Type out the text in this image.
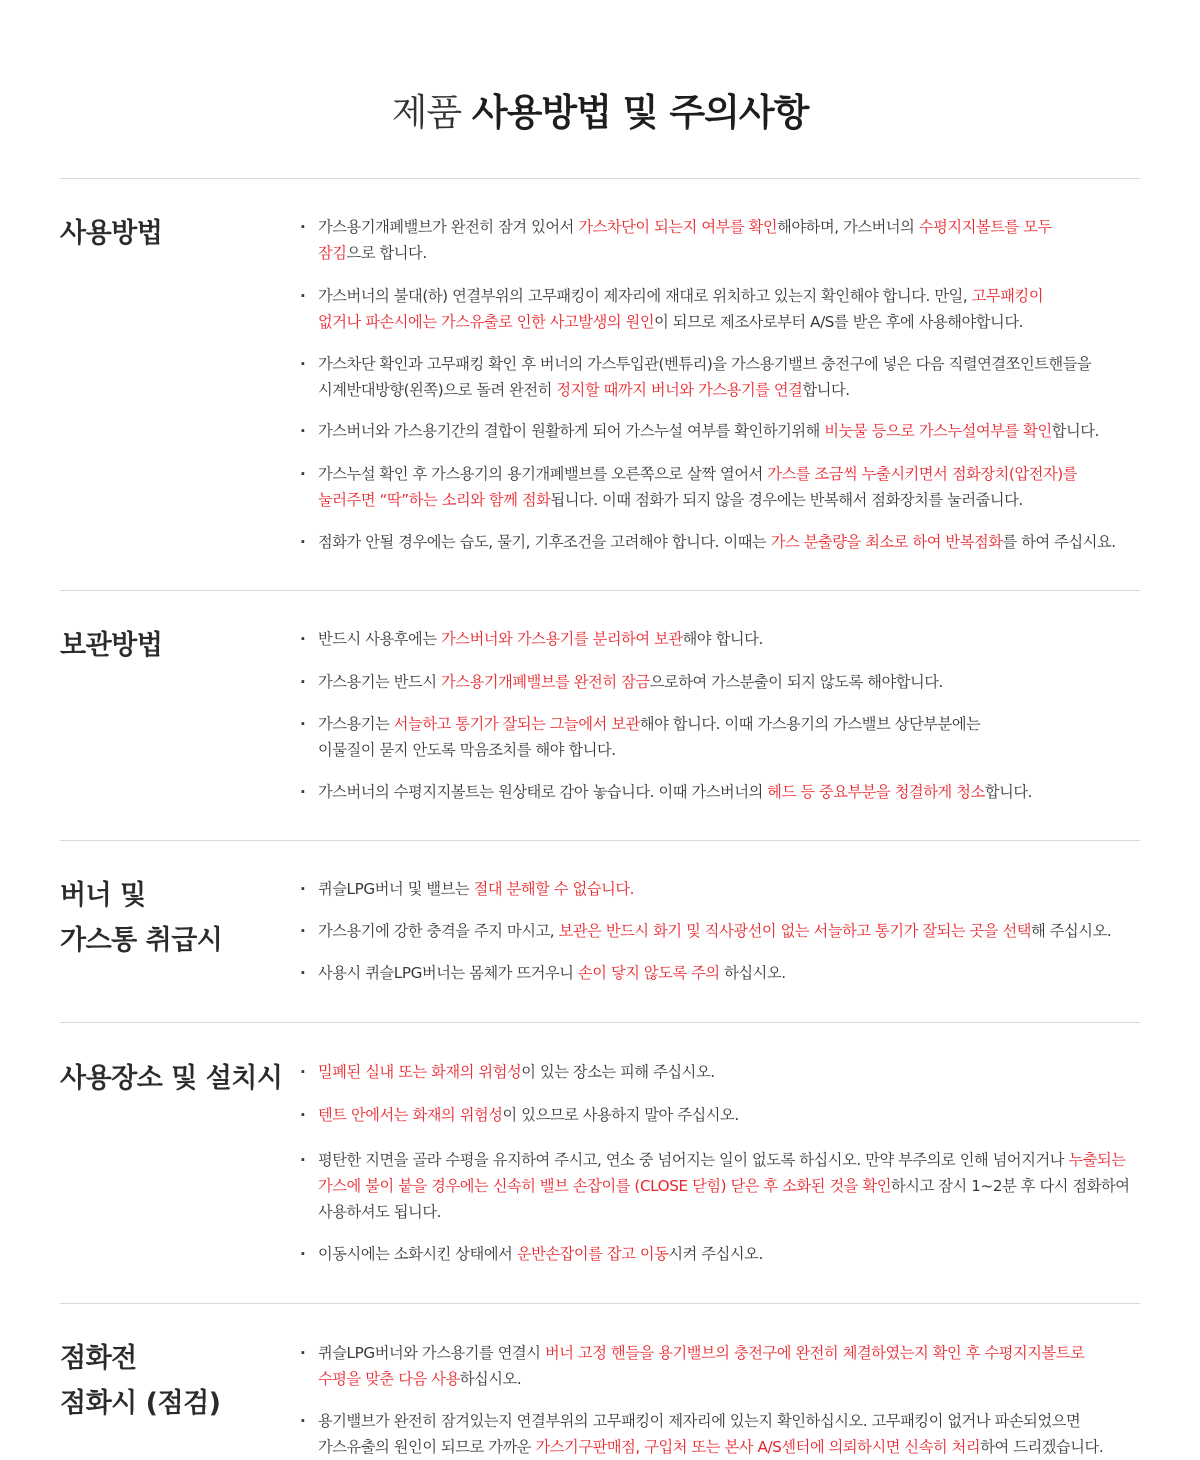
제품 사용방법 및 주의사항
사용방법	· 가스용기개폐밸브가 완전히 잠겨 있어서 가스차단이 되는지 여부를 확인해야하며, 가스버너의 수평지지볼트를 모두
잠김으로 합니다.
· 가스버너의 불대(하) 연결부위의 고무패킹이 제자리에 재대로 위치하고 있는지 확인해야 합니다. 만일, 고무패킹이
없거나 파손시에는 가스유출로 인한 사고발생의 원인이 되므로 제조사로부터 A/S를 받은 후에 사용해야합니다.
· 가스차단 확인과 고무패킹 확인 후 버너의 가스투입관(벤튜리)을 가스용기밸브 충전구에 넣은 다음 직렬연결쪼인트핸들을
시계반대방향(왼쪽)으로 돌려 완전히 정지할 때까지 버너와 가스용기를 연결합니다.
· 가스버너와 가스용기간의 결합이 원활하게 되어 가스누설 여부를 확인하기위해 비눗물 등으로 가스누설여부를 확인합니다.
· 가스누설 확인 후 가스용기의 용기개폐밸브를 오른쪽으로 살짝 열어서 가스를 조금씩 누출시키면서 점화장치(압전자)를
눌러주면 “딱”하는 소리와 함께 점화됩니다. 이때 점화가 되지 않을 경우에는 반복해서 점화장치를 눌러줍니다.
· 점화가 안될 경우에는 습도, 물기, 기후조건을 고려해야 합니다. 이때는 가스 분출량을 최소로 하여 반복점화를 하여 주십시요.
보관방법	· 반드시 사용후에는 가스버너와 가스용기를 분리하여 보관해야 합니다.
· 가스용기는 반드시 가스용기개폐밸브를 완전히 잠금으로하여 가스분출이 되지 않도록 해야합니다.
· 가스용기는 서늘하고 통기가 잘되는 그늘에서 보관해야 합니다. 이때 가스용기의 가스밸브 상단부분에는
이물질이 묻지 안도록 막음조치를 해야 합니다.
· 가스버너의 수평지지볼트는 원상태로 감아 놓습니다. 이때 가스버너의 헤드 등 중요부분을 청결하게 청소합니다.
버너 및
가스통 취급시
· 퀴슬LPG버너 및 밸브는 절대 분해할 수 없습니다.
· 가스용기에 강한 충격을 주지 마시고, 보관은 반드시 화기 및 직사광선이 없는 서늘하고 통기가 잘되는 곳을 선택해 주십시오.
· 사용시 퀴슬LPG버너는 몸체가 뜨거우니 손이 닿지 않도록 주의 하십시오.
사용장소 및 설치시	· 밀폐된 실내 또는 화재의 위험성이 있는 장소는 피해 주십시오.
· 텐트 안에서는 화재의 위험성이 있으므로 사용하지 말아 주십시오.
· 평탄한 지면을 골라 수평을 유지하여 주시고, 연소 중 넘어지는 일이 없도록 하십시오. 만약 부주의로 인해 넘어지거나 누출되는
가스에 불이 붙을 경우에는 신속히 밸브 손잡이를 (CLOSE 닫힘) 닫은 후 소화된 것을 확인하시고 잠시 1~2분 후 다시 점화하여
사용하셔도 됩니다.
· 이동시에는 소화시킨 상태에서 운반손잡이를 잡고 이동시켜 주십시오.
점화전
점화시 (점검)
· 퀴슬LPG버너와 가스용기를 연결시 버너 고정 핸들을 용기밸브의 충전구에 완전히 체결하였는지 확인 후 수평지지볼트로
수평을 맞춘 다음 사용하십시오.
· 용기밸브가 완전히 잠겨있는지 연결부위의 고무패킹이 제자리에 있는지 확인하십시오. 고무패킹이 없거나 파손되었으면
가스유출의 원인이 되므로 가까운 가스기구판매점, 구입처 또는 본사 A/S센터에 의뢰하시면 신속히 처리하여 드리겠습니다.
